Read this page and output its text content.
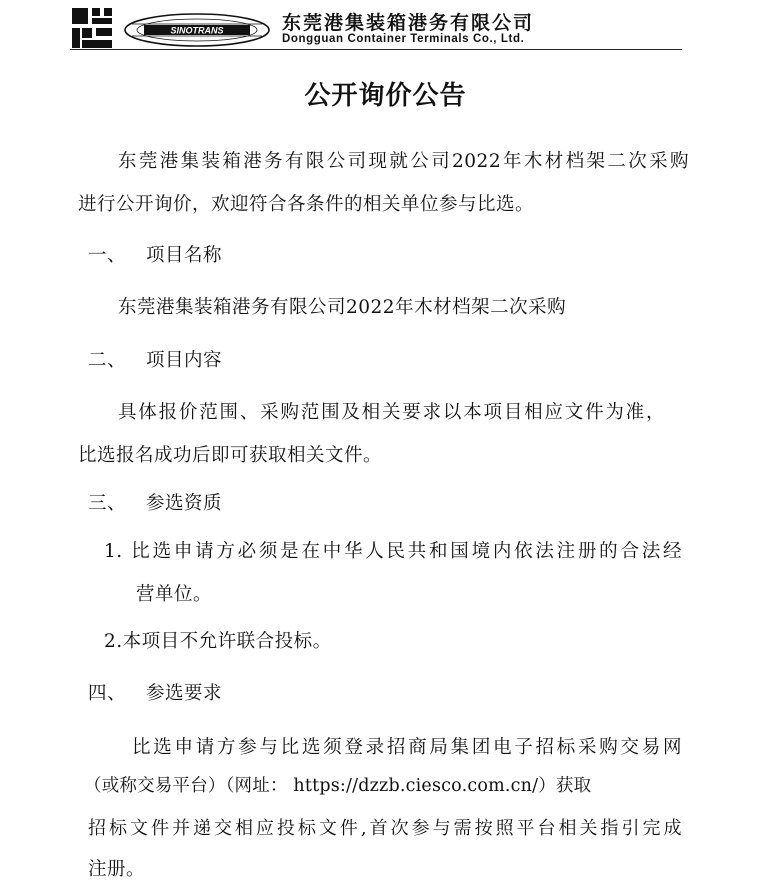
SINOTRANS	东莞港集装箱港务有限公司
Dongguan Container Terminals Co., Ltd.
公开询价公告
东莞港集装箱港务有限公司现就公司2022年木材档架二次采购
进行公开询价，欢迎符合各条件的相关单位参与比选。
一、 项目名称
东莞港集装箱港务有限公司2022年木材档架二次采购
二、 项目内容
具体报价范围、采购范围及相关要求以本项目相应文件为准，
比选报名成功后即可获取相关文件。
三、 参选资质
1. 比选申请方必须是在中华人民共和国境内依法注册的合法经
营单位。
2.本项目不允许联合投标。
四、 参选要求
比选申请方参与比选须登录招商局集团电子招标采购交易网
（或称交易平台）（网址： https://dzzb.ciesco.com.cn/）获取
招标文件并递交相应投标文件,首次参与需按照平台相关指引完成
注册。
